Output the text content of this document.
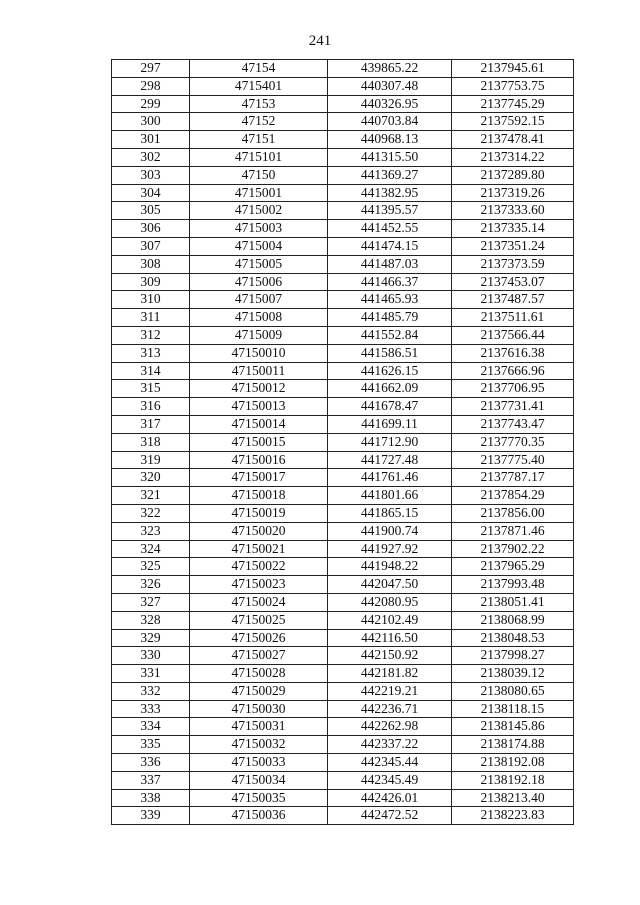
241
297	47154	439865.22	2137945.61
298	4715401	440307.48	2137753.75
299	47153	440326.95	2137745.29
300	47152	440703.84	2137592.15
301	47151	440968.13	2137478.41
302	4715101	441315.50	2137314.22
303	47150	441369.27	2137289.80
304	4715001	441382.95	2137319.26
305	4715002	441395.57	2137333.60
306	4715003	441452.55	2137335.14
307	4715004	441474.15	2137351.24
308	4715005	441487.03	2137373.59
309	4715006	441466.37	2137453.07
310	4715007	441465.93	2137487.57
311	4715008	441485.79	2137511.61
312	4715009	441552.84	2137566.44
313	47150010	441586.51	2137616.38
314	47150011	441626.15	2137666.96
315	47150012	441662.09	2137706.95
316	47150013	441678.47	2137731.41
317	47150014	441699.11	2137743.47
318	47150015	441712.90	2137770.35
319	47150016	441727.48	2137775.40
320	47150017	441761.46	2137787.17
321	47150018	441801.66	2137854.29
322	47150019	441865.15	2137856.00
323	47150020	441900.74	2137871.46
324	47150021	441927.92	2137902.22
325	47150022	441948.22	2137965.29
326	47150023	442047.50	2137993.48
327	47150024	442080.95	2138051.41
328	47150025	442102.49	2138068.99
329	47150026	442116.50	2138048.53
330	47150027	442150.92	2137998.27
331	47150028	442181.82	2138039.12
332	47150029	442219.21	2138080.65
333	47150030	442236.71	2138118.15
334	47150031	442262.98	2138145.86
335	47150032	442337.22	2138174.88
336	47150033	442345.44	2138192.08
337	47150034	442345.49	2138192.18
338	47150035	442426.01	2138213.40
339	47150036	442472.52	2138223.83
